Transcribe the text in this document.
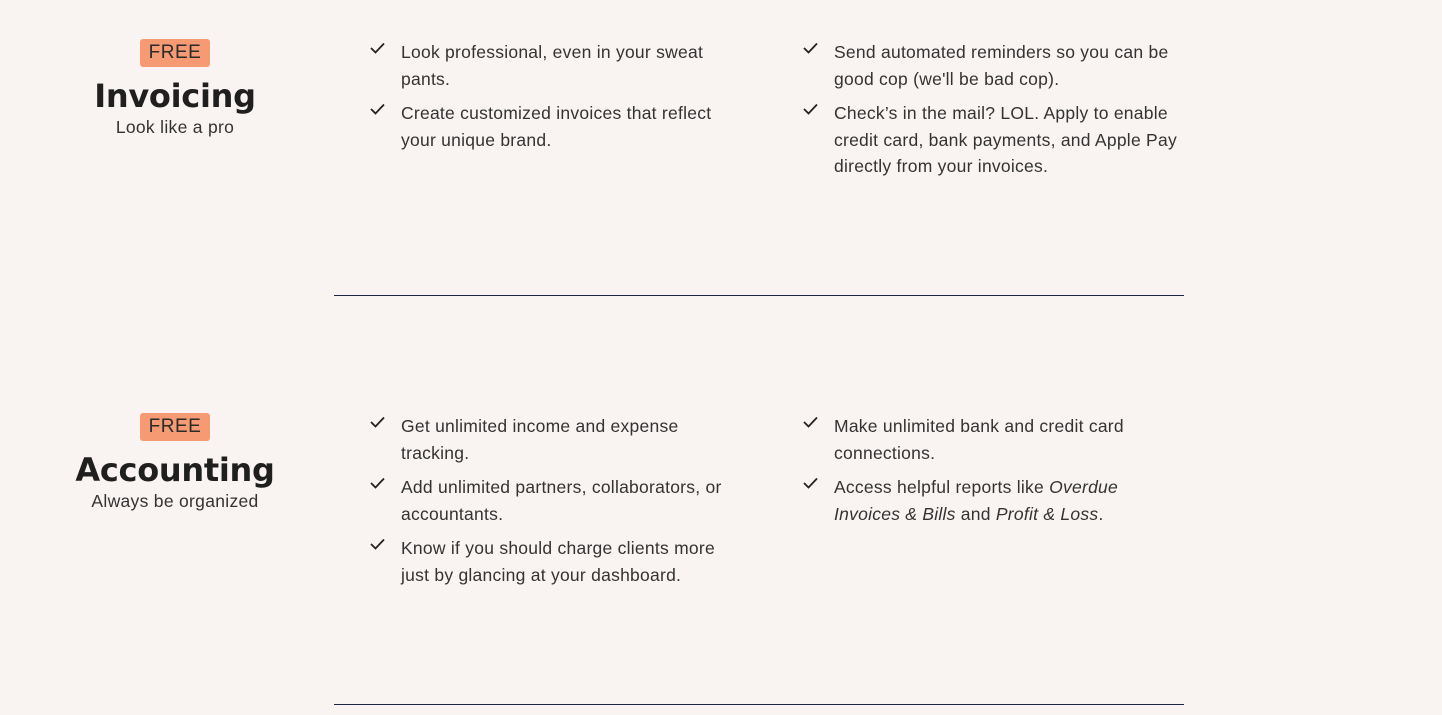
FREE
Invoicing
Look like a pro
Look professional, even in your sweat pants.
Create customized invoices that reflect your unique brand.
Send automated reminders so you can be good cop (we'll be bad cop).
Check’s in the mail? LOL. Apply to enable credit card, bank payments, and Apple Pay directly from your invoices.
FREE
Accounting
Always be organized
Get unlimited income and expense tracking.
Add unlimited partners, collaborators, or accountants.
Know if you should charge clients more just by glancing at your dashboard.
Make unlimited bank and credit card connections.
Access helpful reports like Overdue Invoices & Bills and Profit & Loss.
